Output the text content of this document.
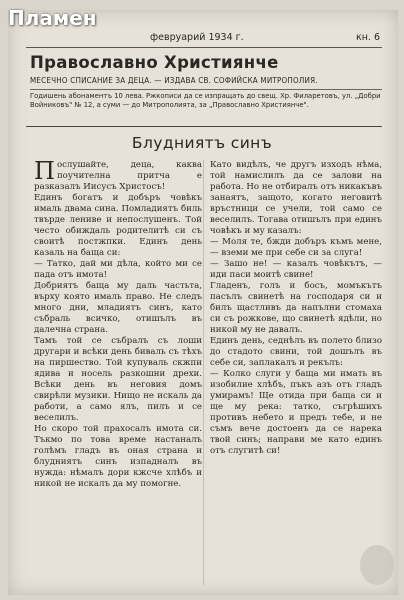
Пламен
февруарий 1934 г.	кн. 6
Православно Християнче
МЕСЕЧНО СПИСАНИЕ ЗА ДЕЦА. — ИЗДАВА СВ. СОФИЙСКА МИТРОПОЛИЯ.
Годишень абонаментъ 10 лева. Ржкописи да се изпращать до свещ. Хр. Филаретовъ, ул. „Добри Войниковъ" № 12, а суми — до Митрополията, за „Православно Християнче".
Блудниятъ синъ
Послушайте, деца, каква поучителна притча е разказалъ Иисусъ Христосъ!
Единъ богатъ и добъръ човѣкъ ималь двама сина. Помладиятъ биль твърде лениве и непослушенъ. Той често обиждаль родителитѣ си съ своитѣ постжпки. Единъ день казаль на баща си:
— Татко, дай ми дѣла, който ми се пада отъ имота!
Добриятъ баща му даль частьта, върху която ималь право. Не следъ много дни, младиятъ синъ, като събраль всичко, отишълъ въ далечна страна.
Тамъ той се събралъ съ лоши другари и всѣки день биваль съ тѣхъ на пиршество. Той купуваль скжпи ядива и носель разкошни дрехи. Всѣки день въ неговия домъ свирѣли музики. Нищо не искаль да работи, а само ялъ, пилъ и се веселилъ.
Но скоро той прахосалъ имота си. Тъкмо по това време настаналъ голѣмъ гладъ въ оная страна и блудниятъ синъ изпадналъ въ нужда: нѣмалъ дори кжсче хлѣбъ и никой не искалъ да му помогне.
Като видѣлъ, че другъ изходъ нѣма, той намислилъ да се залови на работа. Но не отбиралъ отъ никакъвъ занаятъ, защото, когато неговитѣ връстници се учели, той само се веселилъ. Тогава отишълъ при единъ човѣкъ и му казалъ:
— Моля те, бжди добъръ къмъ мене, — вземи ме при себе си за слуга!
— Зашо не! — казалъ човѣкътъ, — иди паси моитѣ свине!
Гладенъ, голъ и босъ, момъкътъ пасълъ свинетѣ на господаря си и билъ щастливъ да напълни стомаха си съ рожкове, що свинетѣ ядѣли, но никой му не давалъ.
Единъ день, седнѣлъ въ полето близо до стадото свини, той дошълъ въ себе си, заплакалъ и рекълъ:
— Колко слуги у баща ми имать въ изобилие хлѣбъ, пъкъ азъ отъ гладъ умирамъ! Ще отида при баща си и ще му река: татко, съгрѣшихъ противъ небето и предъ тебе, и не съмъ вече достоенъ да се нарека твой синъ; направи ме като единъ отъ слугитѣ си!
